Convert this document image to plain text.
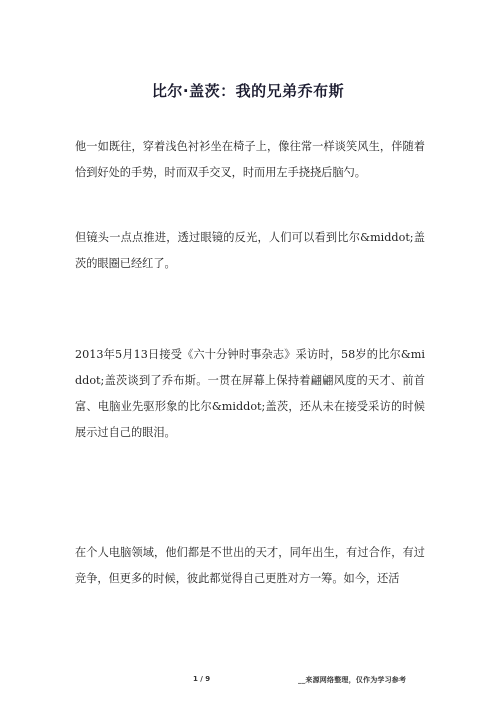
比尔·盖茨：我的兄弟乔布斯

他一如既往，穿着浅色衬衫坐在椅子上，像往常一样谈笑风生，伴随着恰到好处的手势，时而双手交叉，时而用左手挠挠后脑勺。

但镜头一点点推进，透过眼镜的反光，人们可以看到比尔&middot;盖茨的眼圈已经红了。

2013年5月13日接受《六十分钟时事杂志》采访时，58岁的比尔&middot;盖茨谈到了乔布斯。一贯在屏幕上保持着翩翩风度的天才、前首富、电脑业先驱形象的比尔&middot;盖茨，还从未在接受采访的时候展示过自己的眼泪。

在个人电脑领域，他们都是不世出的天才，同年出生，有过合作，有过竞争，但更多的时候，彼此都觉得自己更胜对方一筹。如今，还活

1 / 9	__来源网络整理，仅作为学习参考
